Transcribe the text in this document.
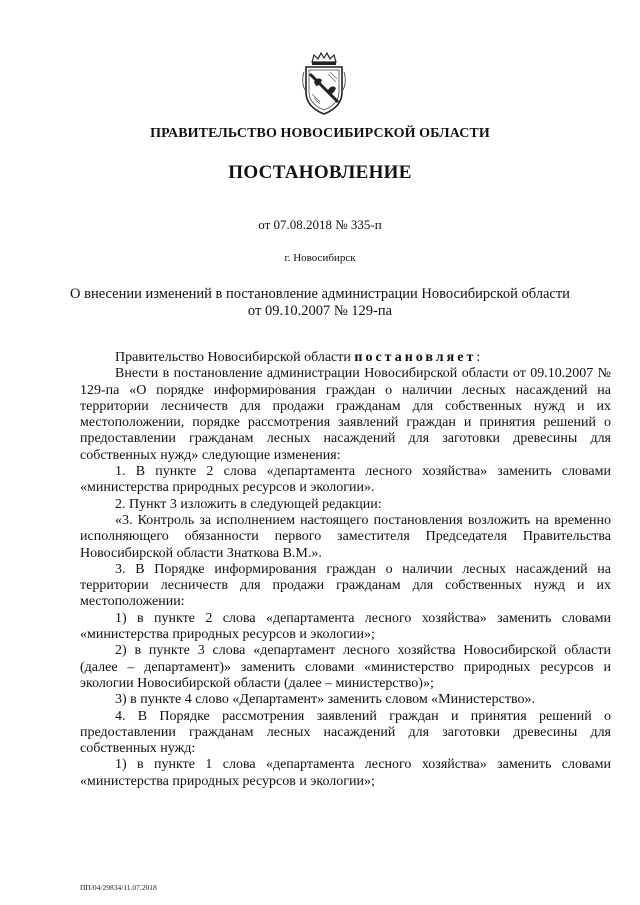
ПРАВИТЕЛЬСТВО НОВОСИБИРСКОЙ ОБЛАСТИ
ПОСТАНОВЛЕНИЕ
от 07.08.2018 № 335-п
г. Новосибирск
О внесении изменений в постановление администрации Новосибирской области
от 09.10.2007 № 129-па

Правительство Новосибирской области постановляет:

Внести в постановление администрации Новосибирской области от 09.10.2007 № 129-па «О порядке информирования граждан о наличии лесных насаждений на территории лесничеств для продажи гражданам для собственных нужд и их местоположении, порядке рассмотрения заявлений граждан и принятия решений о предоставлении гражданам лесных насаждений для заготовки древесины для собственных нужд» следующие изменения:

1. В пункте 2 слова «департамента лесного хозяйства» заменить словами «министерства природных ресурсов и экологии».

2. Пункт 3 изложить в следующей редакции:

«3. Контроль за исполнением настоящего постановления возложить на временно исполняющего обязанности первого заместителя Председателя Правительства Новосибирской области Знаткова В.М.».

3. В Порядке информирования граждан о наличии лесных насаждений на территории лесничеств для продажи гражданам для собственных нужд и их местоположении:

1) в пункте 2 слова «департамента лесного хозяйства» заменить словами «министерства природных ресурсов и экологии»;

2) в пункте 3 слова «департамент лесного хозяйства Новосибирской области (далее – департамент)» заменить словами «министерство природных ресурсов и экологии Новосибирской области (далее – министерство)»;

3) в пункте 4 слово «Департамент» заменить словом «Министерство».

4. В Порядке рассмотрения заявлений граждан и принятия решений о предоставлении гражданам лесных насаждений для заготовки древесины для собственных нужд:

1) в пункте 1 слова «департамента лесного хозяйства» заменить словами «министерства природных ресурсов и экологии»;

ПП/04/29834/11.07.2018
